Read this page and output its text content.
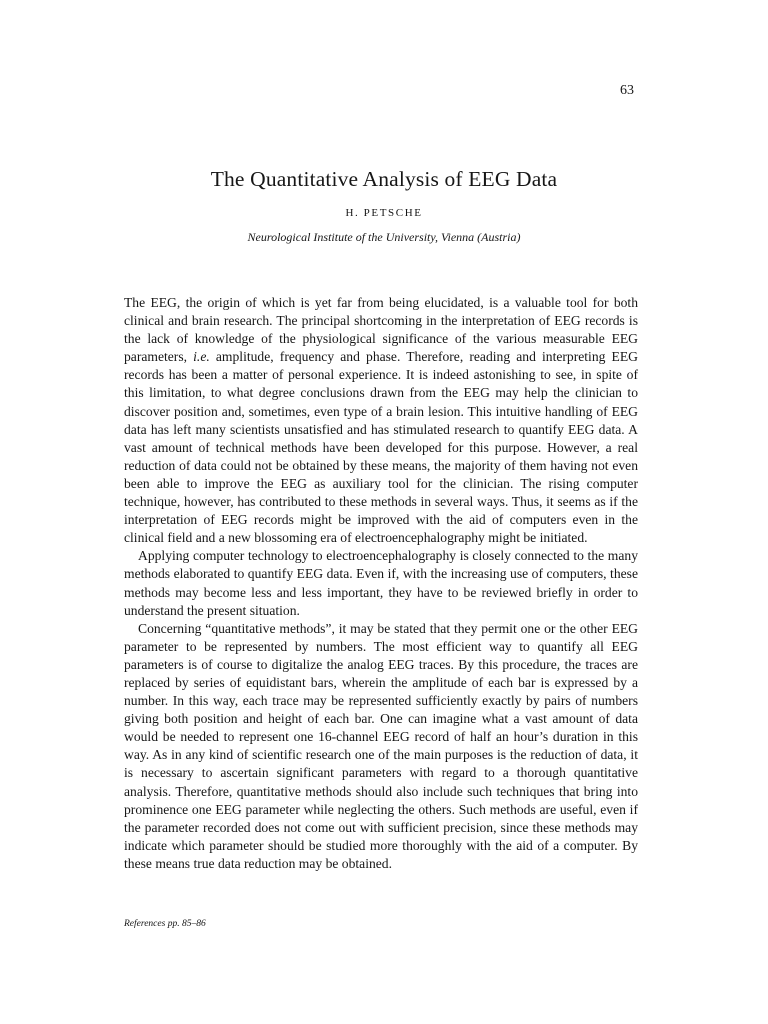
63
The Quantitative Analysis of EEG Data
H. PETSCHE
Neurological Institute of the University, Vienna (Austria)

The EEG, the origin of which is yet far from being elucidated, is a valuable tool for both clinical and brain research. The principal shortcoming in the interpretation of EEG records is the lack of knowledge of the physiological significance of the various measurable EEG parameters, i.e. amplitude, frequency and phase. Therefore, reading and interpreting EEG records has been a matter of personal experience. It is indeed astonishing to see, in spite of this limitation, to what degree conclusions drawn from the EEG may help the clinician to discover position and, sometimes, even type of a brain lesion. This intuitive handling of EEG data has left many scientists unsatisfied and has stimulated research to quantify EEG data. A vast amount of technical methods have been developed for this purpose. However, a real reduction of data could not be obtained by these means, the majority of them having not even been able to improve the EEG as auxiliary tool for the clinician. The rising computer technique, however, has contributed to these methods in several ways. Thus, it seems as if the interpretation of EEG records might be improved with the aid of computers even in the clinical field and a new blossoming era of electroencephalography might be initiated.

Applying computer technology to electroencephalography is closely connected to the many methods elaborated to quantify EEG data. Even if, with the increasing use of computers, these methods may become less and less important, they have to be reviewed briefly in order to understand the present situation.

Concerning “quantitative methods”, it may be stated that they permit one or the other EEG parameter to be represented by numbers. The most efficient way to quantify all EEG parameters is of course to digitalize the analog EEG traces. By this procedure, the traces are replaced by series of equidistant bars, wherein the amplitude of each bar is expressed by a number. In this way, each trace may be represented sufficiently exactly by pairs of numbers giving both position and height of each bar. One can imagine what a vast amount of data would be needed to represent one 16-channel EEG record of half an hour’s duration in this way. As in any kind of scientific research one of the main purposes is the reduction of data, it is necessary to ascertain significant parameters with regard to a thorough quantitative analysis. Therefore, quantitative methods should also include such techniques that bring into prominence one EEG parameter while neglecting the others. Such methods are useful, even if the parameter recorded does not come out with sufficient precision, since these methods may indicate which parameter should be studied more thoroughly with the aid of a computer. By these means true data reduction may be obtained.

References pp. 85–86
